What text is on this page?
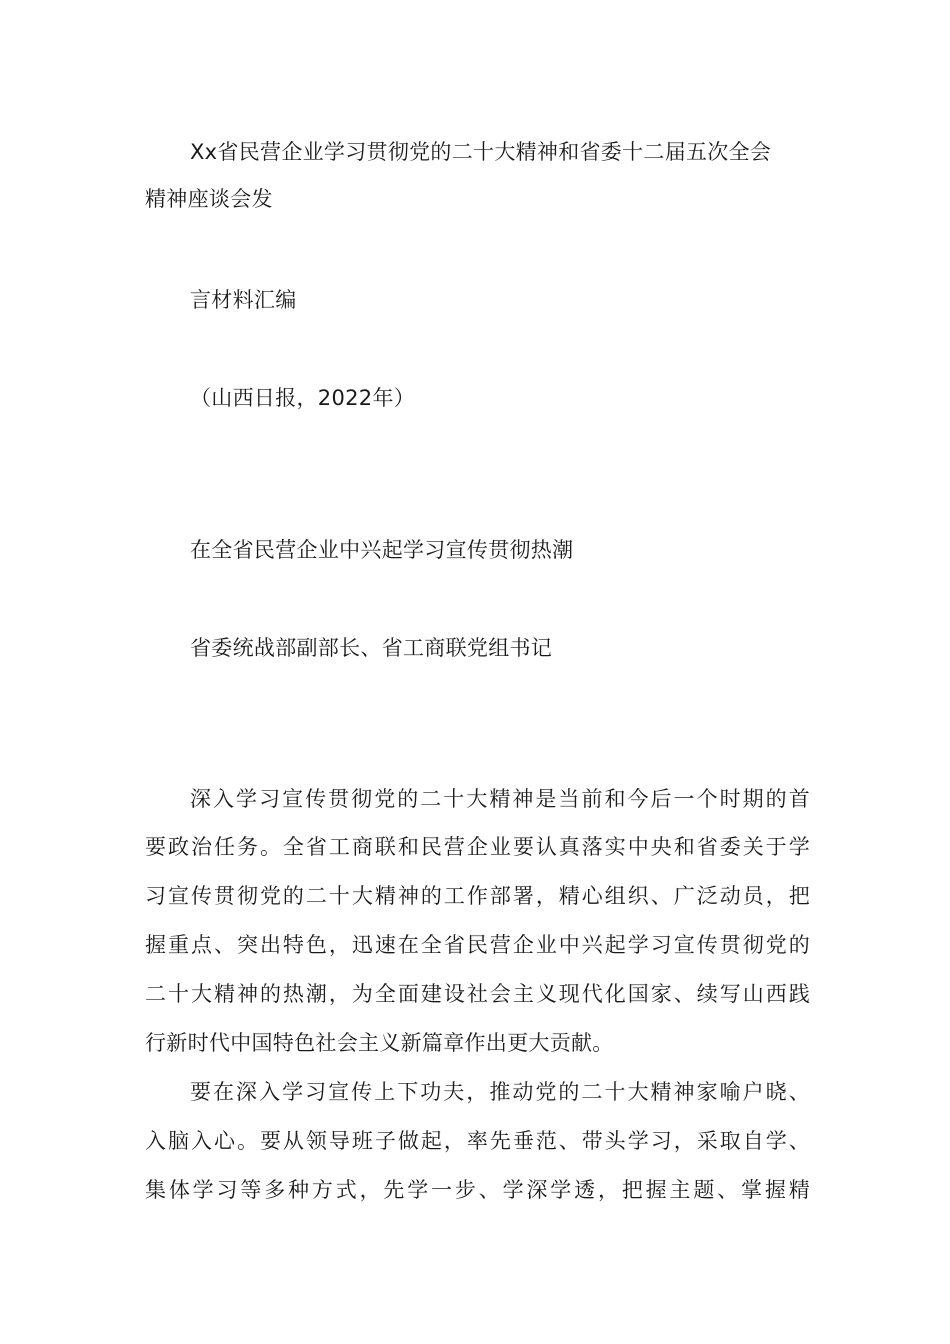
Xx省民营企业学习贯彻党的二十大精神和省委十二届五次全会
精神座谈会发
言材料汇编
（山西日报，2022年）
在全省民营企业中兴起学习宣传贯彻热潮
省委统战部副部长、省工商联党组书记
深入学习宣传贯彻党的二十大精神是当前和今后一个时期的首
要政治任务。全省工商联和民营企业要认真落实中央和省委关于学
习宣传贯彻党的二十大精神的工作部署，精心组织、广泛动员，把
握重点、突出特色，迅速在全省民营企业中兴起学习宣传贯彻党的
二十大精神的热潮，为全面建设社会主义现代化国家、续写山西践
行新时代中国特色社会主义新篇章作出更大贡献。
要在深入学习宣传上下功夫，推动党的二十大精神家喻户晓、
入脑入心。要从领导班子做起，率先垂范、带头学习，采取自学、
集体学习等多种方式，先学一步、学深学透，把握主题、掌握精
